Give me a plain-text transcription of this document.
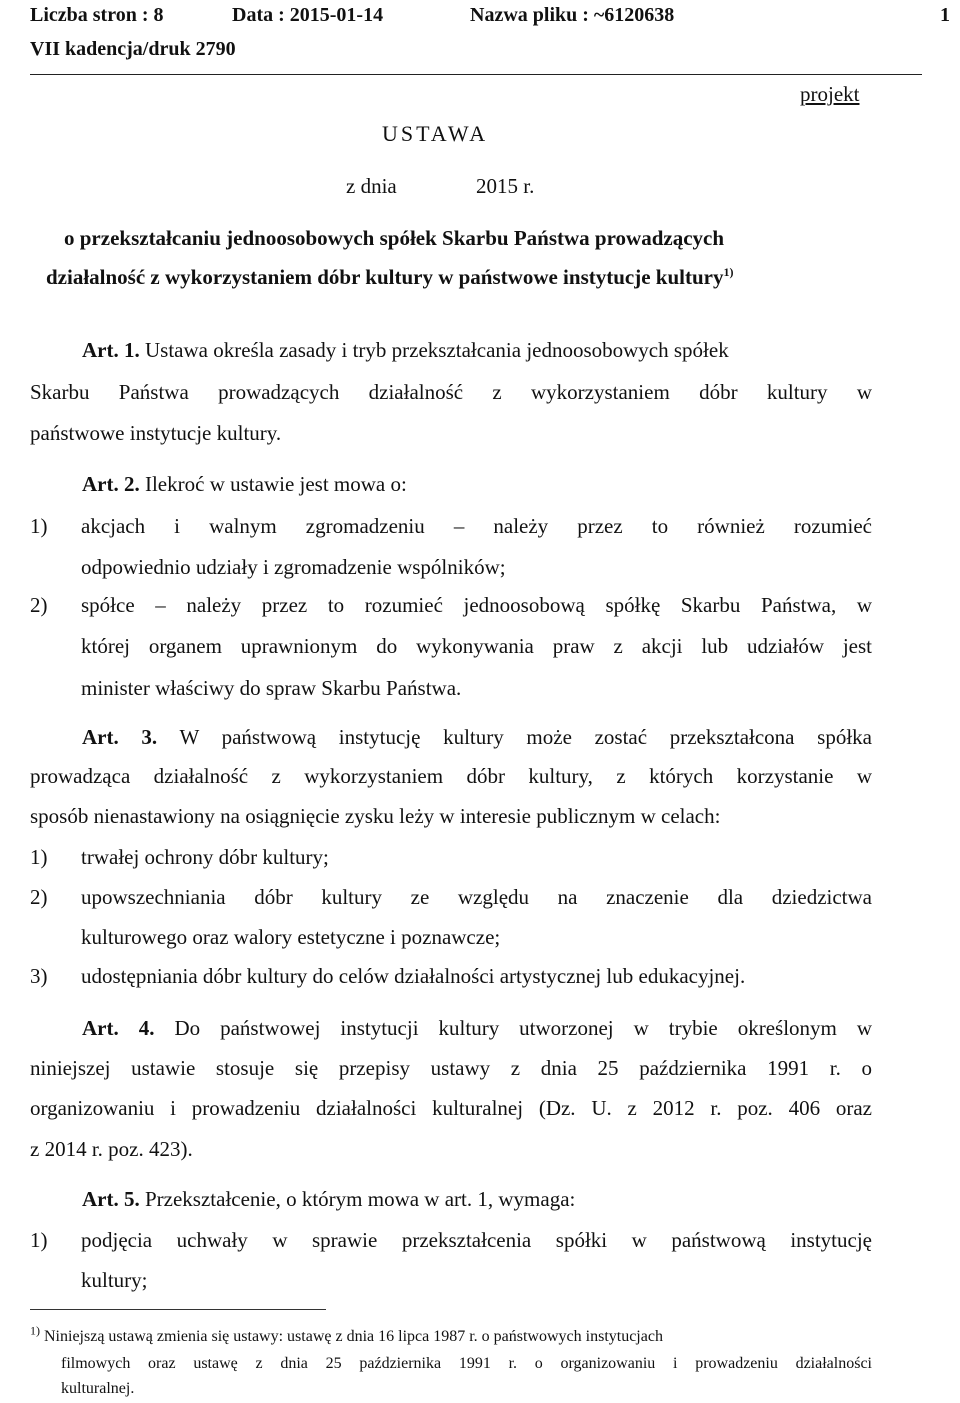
Liczba stron : 8	Data : 2015-01-14	Nazwa pliku : ~6120638	1
VII kadencja/druk 2790
projekt
USTAWA
z dnia	2015 r.
o przekształcaniu jednoosobowych spółek Skarbu Państwa prowadzących
działalność z wykorzystaniem dóbr kultury w państwowe instytucje kultury$^{1)}$
Art. 1. Ustawa określa zasady i tryb przekształcania jednoosobowych spółek
Skarbu Państwa prowadzących działalność z wykorzystaniem dóbr kultury w
państwowe instytucje kultury.
Art. 2. Ilekroć w ustawie jest mowa o:
1) akcjach i walnym zgromadzeniu – należy przez to również rozumieć
odpowiednio udziały i zgromadzenie wspólników;
2) spółce – należy przez to rozumieć jednoosobową spółkę Skarbu Państwa, w
której organem uprawnionym do wykonywania praw z akcji lub udziałów jest
minister właściwy do spraw Skarbu Państwa.
Art. 3. W państwową instytucję kultury może zostać przekształcona spółka
prowadząca działalność z wykorzystaniem dóbr kultury, z których korzystanie w
sposób nienastawiony na osiągnięcie zysku leży w interesie publicznym w celach:
1) trwałej ochrony dóbr kultury;
2) upowszechniania dóbr kultury ze względu na znaczenie dla dziedzictwa
kulturowego oraz walory estetyczne i poznawcze;
3) udostępniania dóbr kultury do celów działalności artystycznej lub edukacyjnej.
Art. 4. Do państwowej instytucji kultury utworzonej w trybie określonym w
niniejszej ustawie stosuje się przepisy ustawy z dnia 25 października 1991 r. o
organizowaniu i prowadzeniu działalności kulturalnej (Dz. U. z 2012 r. poz. 406 oraz
z 2014 r. poz. 423).
Art. 5. Przekształcenie, o którym mowa w art. 1, wymaga:
1) podjęcia uchwały w sprawie przekształcenia spółki w państwową instytucję
kultury;
$^{1)}$ Niniejszą ustawą zmienia się ustawy: ustawę z dnia 16 lipca 1987 r. o państwowych instytucjach
filmowych oraz ustawę z dnia 25 października 1991 r. o organizowaniu i prowadzeniu działalności
kulturalnej.
